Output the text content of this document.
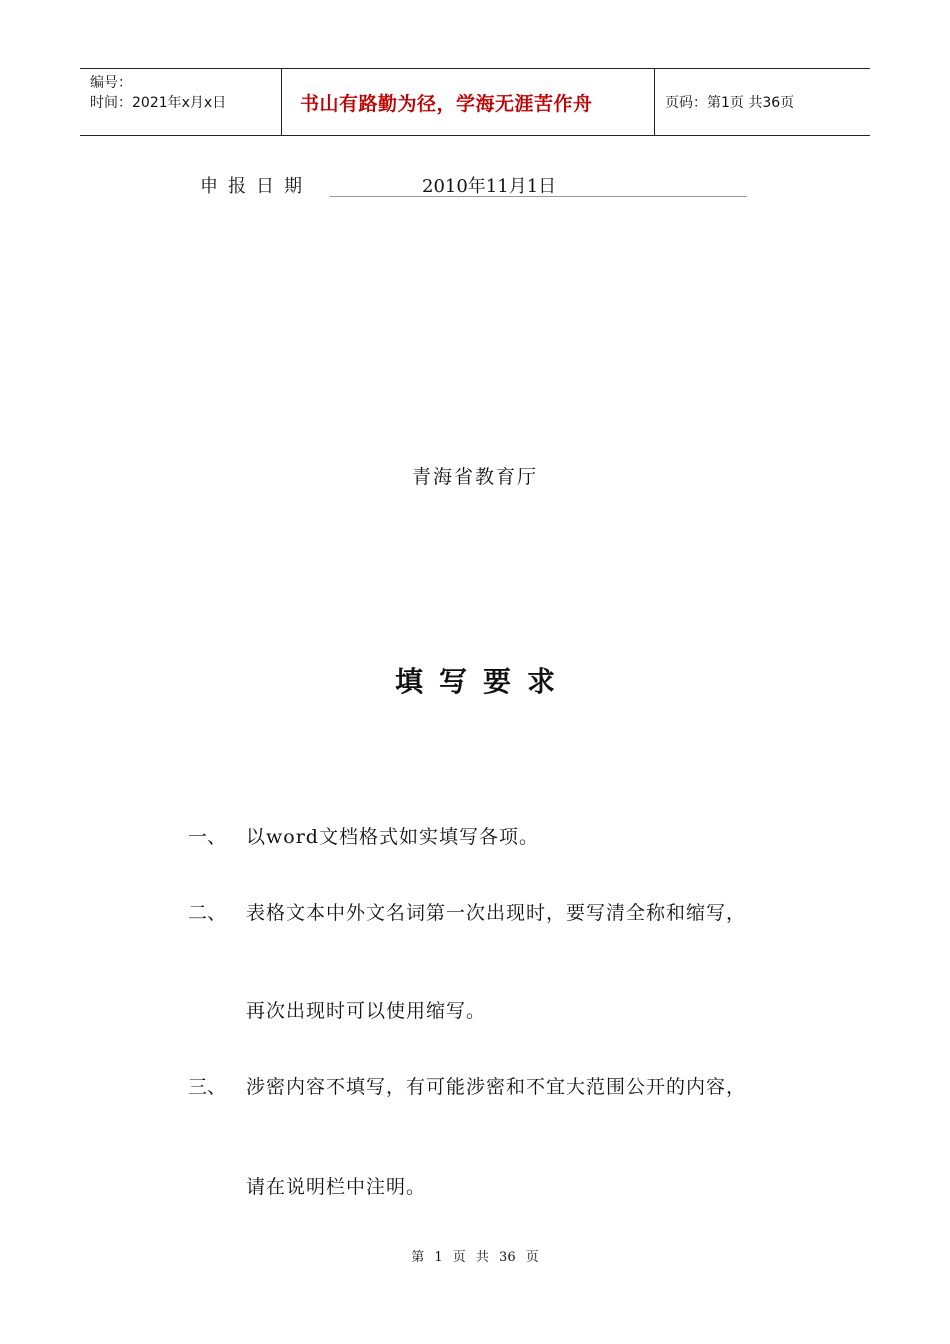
编号：
时间：2021年x月x日	书山有路勤为径，学海无涯苦作舟	页码：第1页 共36页
申报日期	2010年11月1日
青海省教育厅
填写要求
一、 以word文档格式如实填写各项。
二、 表格文本中外文名词第一次出现时，要写清全称和缩写，
再次出现时可以使用缩写。
三、 涉密内容不填写，有可能涉密和不宜大范围公开的内容，
请在说明栏中注明。
第 1 页 共 36 页
